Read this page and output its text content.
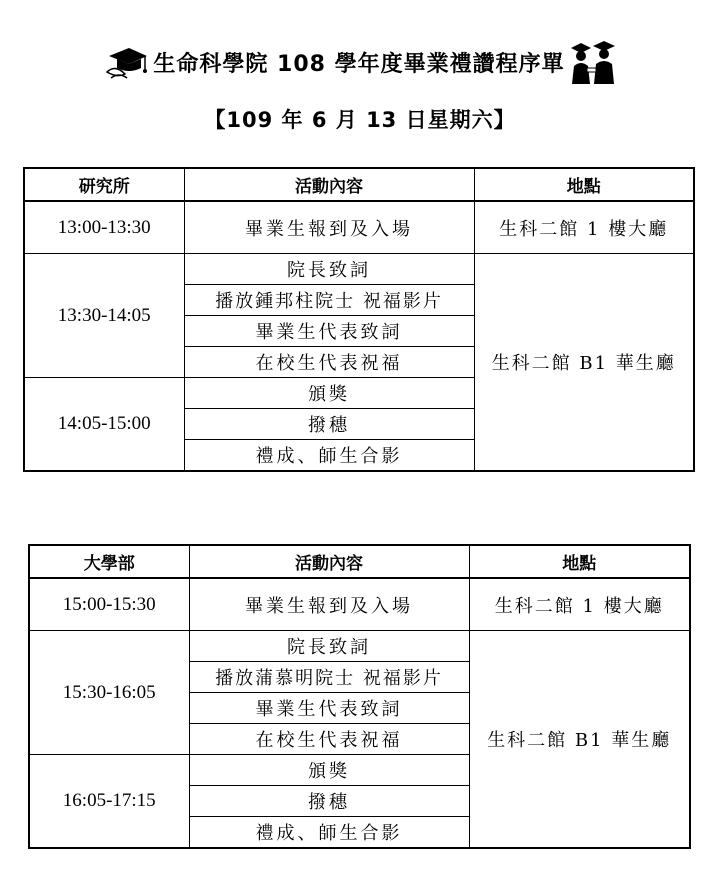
生命科學院 108 學年度畢業禮讚程序單
【109 年 6 月 13 日星期六】
研究所	活動內容	地點
13:00-13:30	畢業生報到及入場	生科二館 1 樓大廳
13:30-14:05	院長致詞	生科二館 B1 華生廳
	播放鍾邦柱院士 祝福影片	
	畢業生代表致詞	
	在校生代表祝福	
14:05-15:00	頒獎	
	撥穗	
	禮成、師生合影	
大學部	活動內容	地點
15:00-15:30	畢業生報到及入場	生科二館 1 樓大廳
15:30-16:05	院長致詞	生科二館 B1 華生廳
	播放蒲慕明院士 祝福影片	
	畢業生代表致詞	
	在校生代表祝福	
16:05-17:15	頒獎	
	撥穗	
	禮成、師生合影	
